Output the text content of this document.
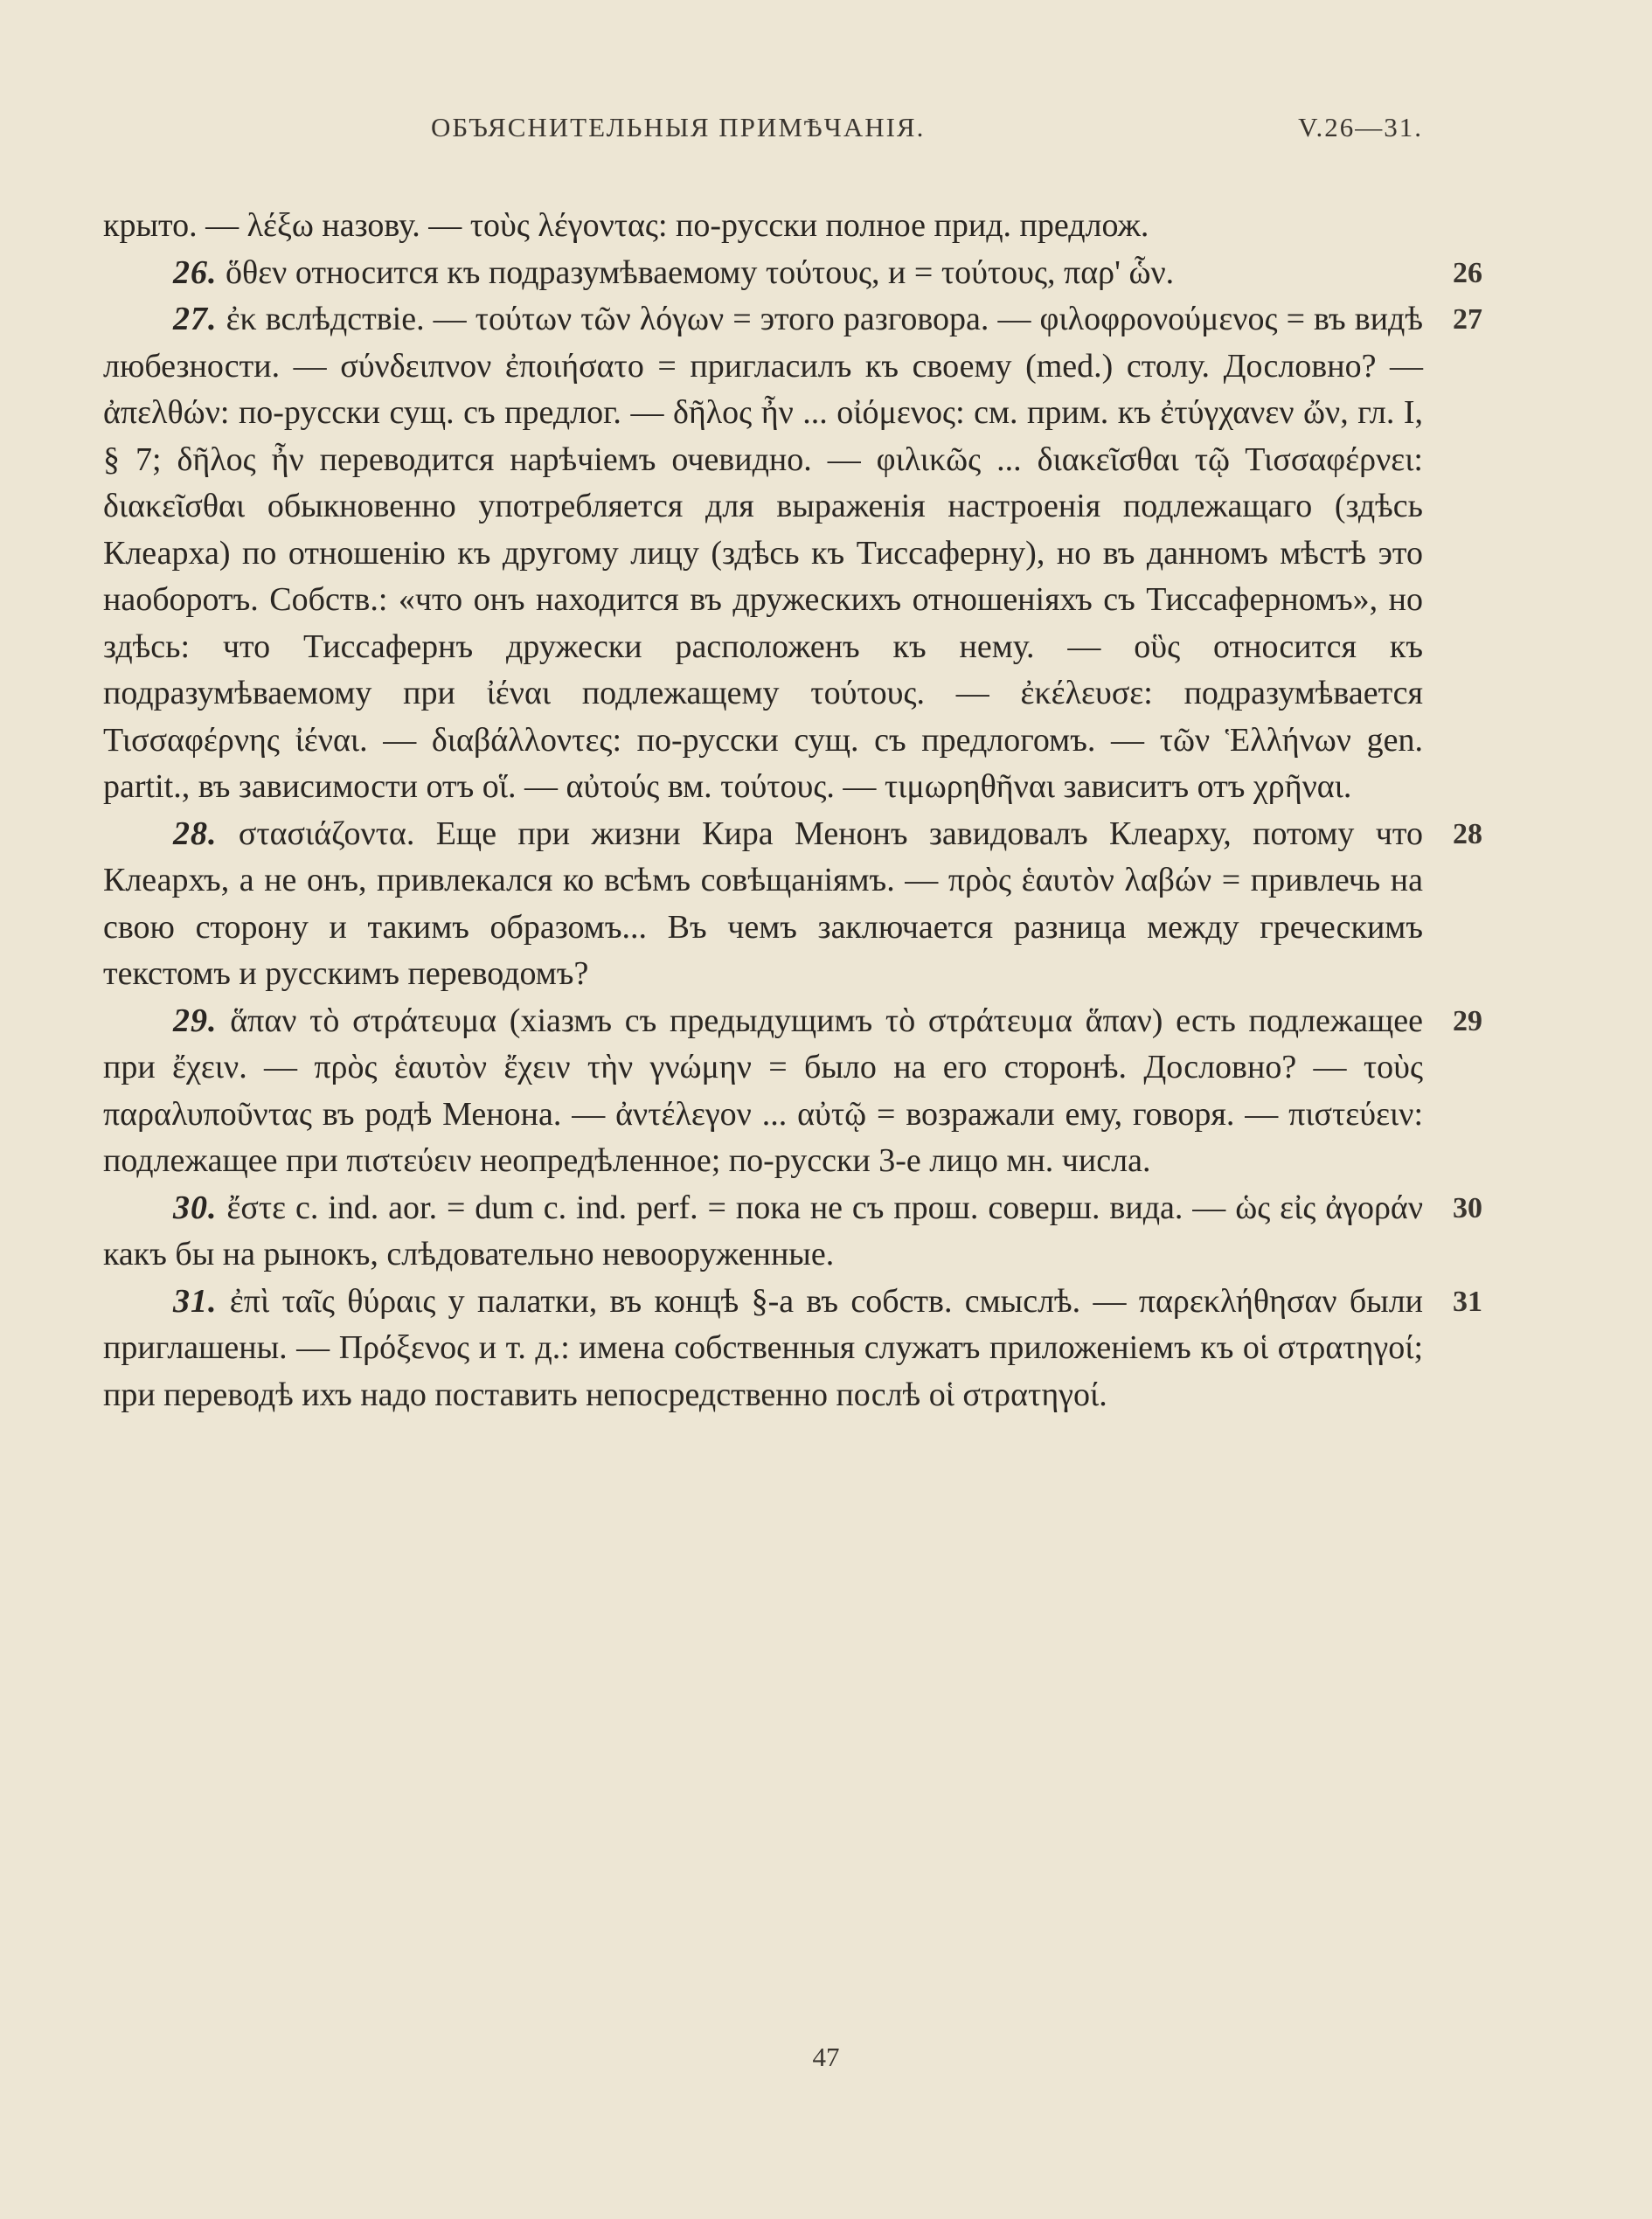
ОБЪЯСНИТЕЛЬНЫЯ ПРИМѢЧАНІЯ.	V.26—31.

крыто. — λέξω назову. — τοὺς λέγοντας: по-русски полное прид. предлож.

26. ὅθεν относится къ подразумѣваемому τούτους, и = τούτους, παρ' ὧν.	26

27. ἐκ вслѣдствіе. — τούτων τῶν λόγων = этого разговора. — φιλοφρονούμενος = въ видѣ любезности. — σύνδειπνον ἐποιήσατο = пригласилъ къ своему (med.) столу. Дословно? — ἀπελθών: по-русски сущ. съ предлог. — δῆλος ἦν ... οἰόμενος: см. прим. къ ἐτύγχανεν ὤν, гл. I, § 7; δῆλος ἦν переводится нарѣчіемъ очевидно. — φιλικῶς ... διακεῖσθαι τῷ Τισσαφέρνει: διακεῖσθαι обыкновенно употребляется для выраженія настроенія подлежащаго (здѣсь Клеарха) по отношенію къ другому лицу (здѣсь къ Тиссаферну), но въ данномъ мѣстѣ это наоборотъ. Собств.: «что онъ находится въ дружескихъ отношеніяхъ съ Тиссаферномъ», но здѣсь: что Тиссафернъ дружески расположенъ къ нему. — οὓς относится къ подразумѣваемому при ἰέναι подлежащему τούτους. — ἐκέλευσε: подразумѣвается Τισσαφέρνης ἰέναι. — διαβάλλοντες: по-русски сущ. съ предлогомъ. — τῶν Ἑλλήνων gen. partit., въ зависимости отъ οἵ. — αὐτούς вм. τούτους. — τιμωρηθῆναι зависитъ отъ χρῆναι.
27

28. στασιάζοντα. Еще при жизни Кира Менонъ завидовалъ Клеарху, потому что Клеархъ, а не онъ, привлекался ко всѣмъ совѣщаніямъ. — πρὸς ἑαυτὸν λαβών = привлечь на свою сторону и такимъ образомъ... Въ чемъ заключается разница между греческимъ текстомъ и русскимъ переводомъ?
28

29. ἅπαν τὸ στράτευμα (хіазмъ съ предыдущимъ τὸ στράτευμα ἅπαν) есть подлежащее при ἔχειν. — πρὸς ἑαυτὸν ἔχειν τὴν γνώμην = было на его сторонѣ. Дословно? — τοὺς παραλυποῦντας въ родѣ Менона. — ἀντέλεγον ... αὐτῷ = возражали ему, говоря. — πιστεύειν: подлежащее при πιστεύειν неопредѣленное; по-русски 3-е лицо мн. числа.
29

30. ἔστε c. ind. aor. = dum c. ind. perf. = пока не съ прош. соверш. вида. — ὡς εἰς ἀγοράν какъ бы на рынокъ, слѣдовательно невооруженные.
30

31. ἐπὶ ταῖς θύραις у палатки, въ концѣ §-а въ собств. смыслѣ. — παρεκλήθησαν были приглашены. — Πρόξενος и т. д.: имена собственныя служатъ приложеніемъ къ οἱ στρατηγοί; при переводѣ ихъ надо поставить непосредственно послѣ οἱ στρατηγοί.
31

47
